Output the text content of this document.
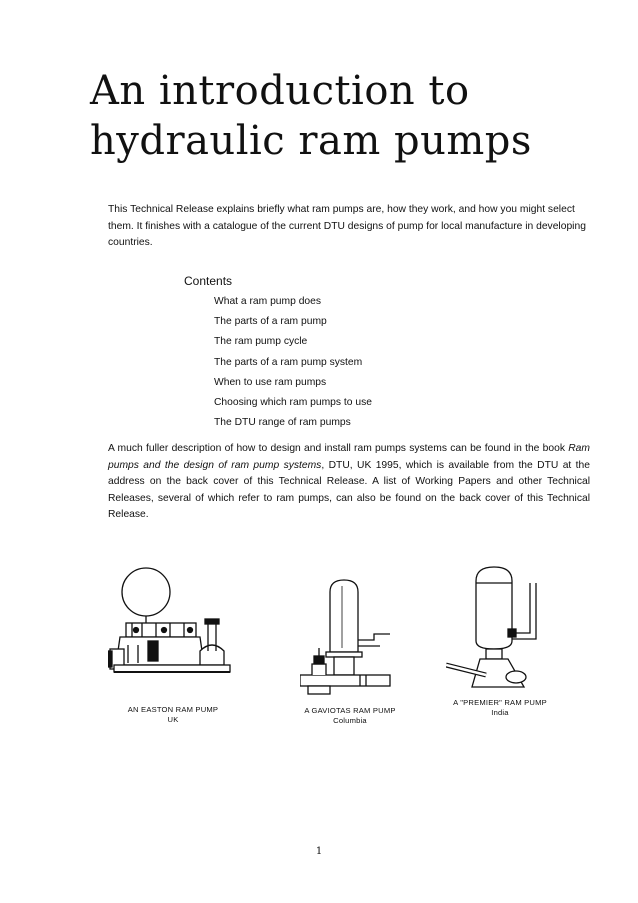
An introduction to
hydraulic ram pumps

This Technical Release explains briefly what ram pumps are, how they work, and how you might select them. It finishes with a catalogue of the current DTU designs of pump for local manufacture in developing countries.

Contents
What a ram pump does
The parts of a ram pump
The ram pump cycle
The parts of a ram pump system
When to use ram pumps
Choosing which ram pumps to use
The DTU range of ram pumps

A much fuller description of how to design and install ram pumps systems can be found in the book Ram pumps and the design of ram pump systems, DTU, UK 1995, which is available from the DTU at the address on the back cover of this Technical Release. A list of Working Papers and other Technical Releases, several of which refer to ram pumps, can also be found on the back cover of this Technical Release.

AN EASTON RAM PUMP
UK
A GAVIOTAS RAM PUMP
Columbia
A "PREMIER" RAM PUMP
India
1
